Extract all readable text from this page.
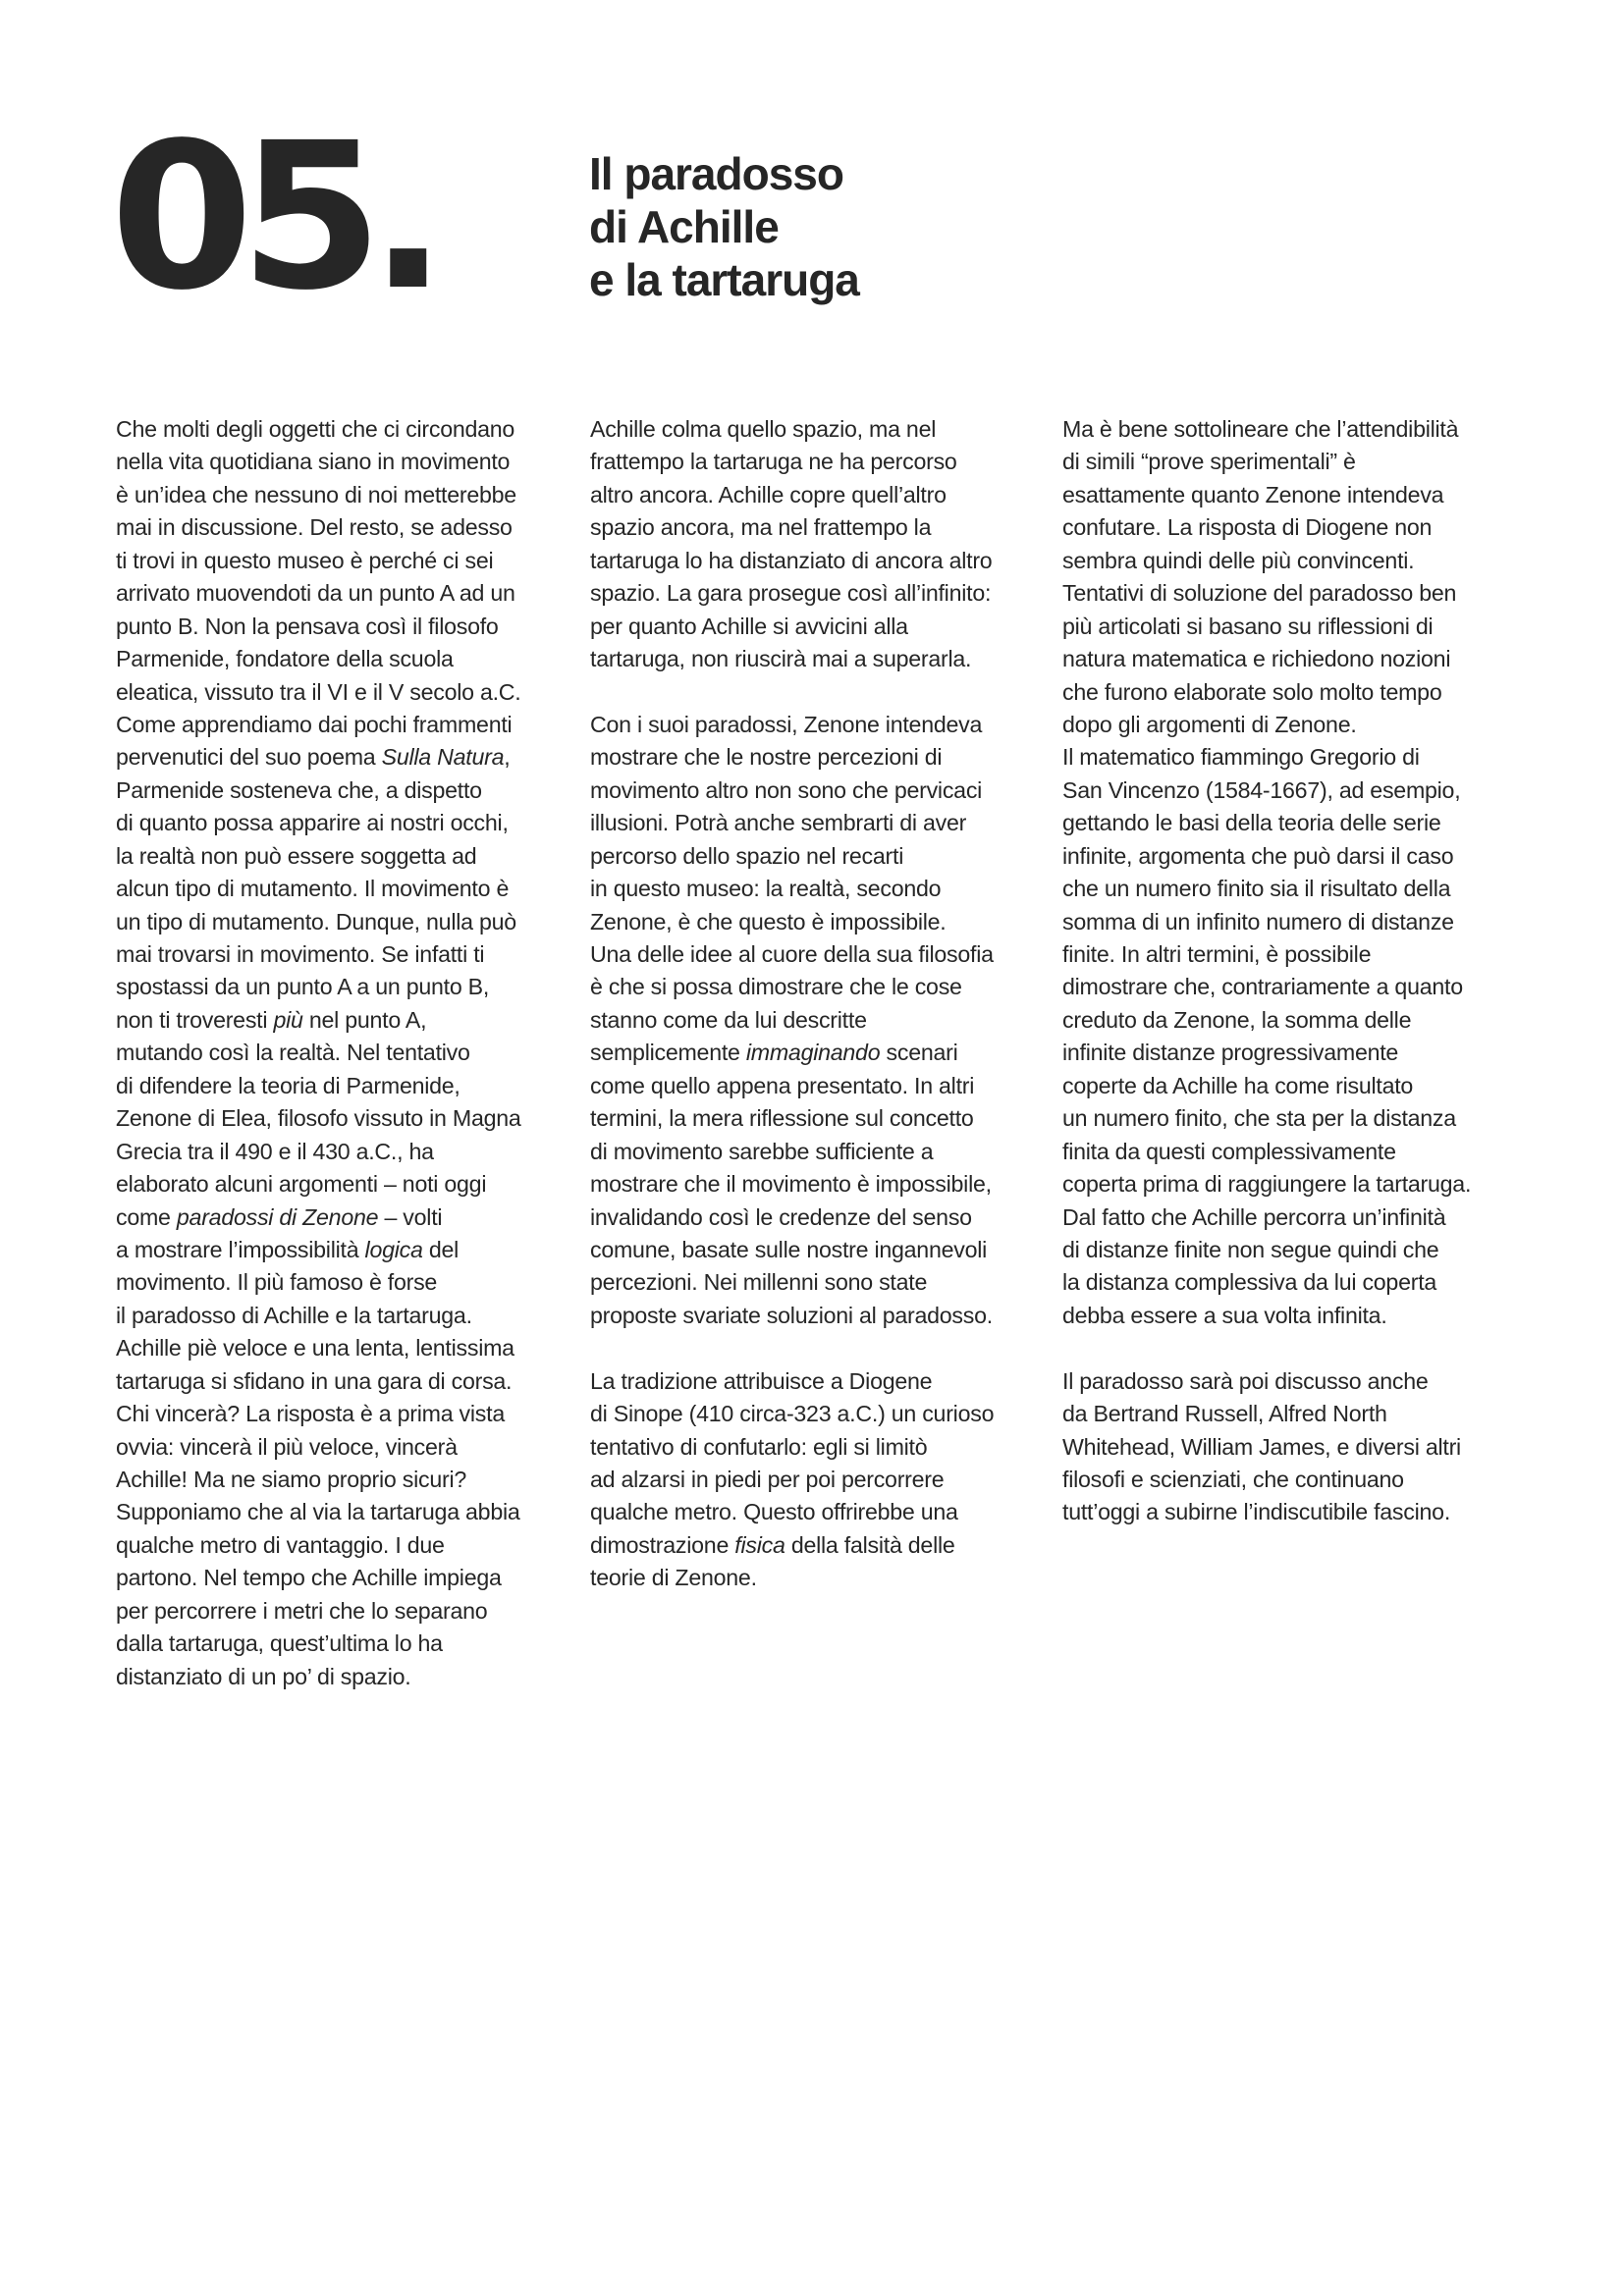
05.	Il paradosso
di Achille
e la tartaruga

Che molti degli oggetti che ci circondano
nella vita quotidiana siano in movimento
è un’idea che nessuno di noi metterebbe
mai in discussione. Del resto, se adesso
ti trovi in questo museo è perché ci sei
arrivato muovendoti da un punto A ad un
punto B. Non la pensava così il filosofo
Parmenide, fondatore della scuola
eleatica, vissuto tra il VI e il V secolo a.C.
Come apprendiamo dai pochi frammenti
pervenutici del suo poema Sulla Natura,
Parmenide sosteneva che, a dispetto
di quanto possa apparire ai nostri occhi,
la realtà non può essere soggetta ad
alcun tipo di mutamento. Il movimento è
un tipo di mutamento. Dunque, nulla può
mai trovarsi in movimento. Se infatti ti
spostassi da un punto A a un punto B,
non ti troveresti più nel punto A,
mutando così la realtà. Nel tentativo
di difendere la teoria di Parmenide,
Zenone di Elea, filosofo vissuto in Magna
Grecia tra il 490 e il 430 a.C., ha
elaborato alcuni argomenti – noti oggi
come paradossi di Zenone – volti
a mostrare l’impossibilità logica del
movimento. Il più famoso è forse
il paradosso di Achille e la tartaruga.
Achille piè veloce e una lenta, lentissima
tartaruga si sfidano in una gara di corsa.
Chi vincerà? La risposta è a prima vista
ovvia: vincerà il più veloce, vincerà
Achille! Ma ne siamo proprio sicuri?
Supponiamo che al via la tartaruga abbia
qualche metro di vantaggio. I due
partono. Nel tempo che Achille impiega
per percorrere i metri che lo separano
dalla tartaruga, quest’ultima lo ha
distanziato di un po’ di spazio.

Achille colma quello spazio, ma nel
frattempo la tartaruga ne ha percorso
altro ancora. Achille copre quell’altro
spazio ancora, ma nel frattempo la
tartaruga lo ha distanziato di ancora altro
spazio. La gara prosegue così all’infinito:
per quanto Achille si avvicini alla
tartaruga, non riuscirà mai a superarla.

Con i suoi paradossi, Zenone intendeva
mostrare che le nostre percezioni di
movimento altro non sono che pervicaci
illusioni. Potrà anche sembrarti di aver
percorso dello spazio nel recarti
in questo museo: la realtà, secondo
Zenone, è che questo è impossibile.
Una delle idee al cuore della sua filosofia
è che si possa dimostrare che le cose
stanno come da lui descritte
semplicemente immaginando scenari
come quello appena presentato. In altri
termini, la mera riflessione sul concetto
di movimento sarebbe sufficiente a
mostrare che il movimento è impossibile,
invalidando così le credenze del senso
comune, basate sulle nostre ingannevoli
percezioni. Nei millenni sono state
proposte svariate soluzioni al paradosso.

La tradizione attribuisce a Diogene
di Sinope (410 circa-323 a.C.) un curioso
tentativo di confutarlo: egli si limitò
ad alzarsi in piedi per poi percorrere
qualche metro. Questo offrirebbe una
dimostrazione fisica della falsità delle
teorie di Zenone.

Ma è bene sottolineare che l’attendibilità
di simili “prove sperimentali” è
esattamente quanto Zenone intendeva
confutare. La risposta di Diogene non
sembra quindi delle più convincenti.
Tentativi di soluzione del paradosso ben
più articolati si basano su riflessioni di
natura matematica e richiedono nozioni
che furono elaborate solo molto tempo
dopo gli argomenti di Zenone.
Il matematico fiammingo Gregorio di
San Vincenzo (1584-1667), ad esempio,
gettando le basi della teoria delle serie
infinite, argomenta che può darsi il caso
che un numero finito sia il risultato della
somma di un infinito numero di distanze
finite. In altri termini, è possibile
dimostrare che, contrariamente a quanto
creduto da Zenone, la somma delle
infinite distanze progressivamente
coperte da Achille ha come risultato
un numero finito, che sta per la distanza
finita da questi complessivamente
coperta prima di raggiungere la tartaruga.
Dal fatto che Achille percorra un’infinità
di distanze finite non segue quindi che
la distanza complessiva da lui coperta
debba essere a sua volta infinita.

Il paradosso sarà poi discusso anche
da Bertrand Russell, Alfred North
Whitehead, William James, e diversi altri
filosofi e scienziati, che continuano
tutt’oggi a subirne l’indiscutibile fascino.
